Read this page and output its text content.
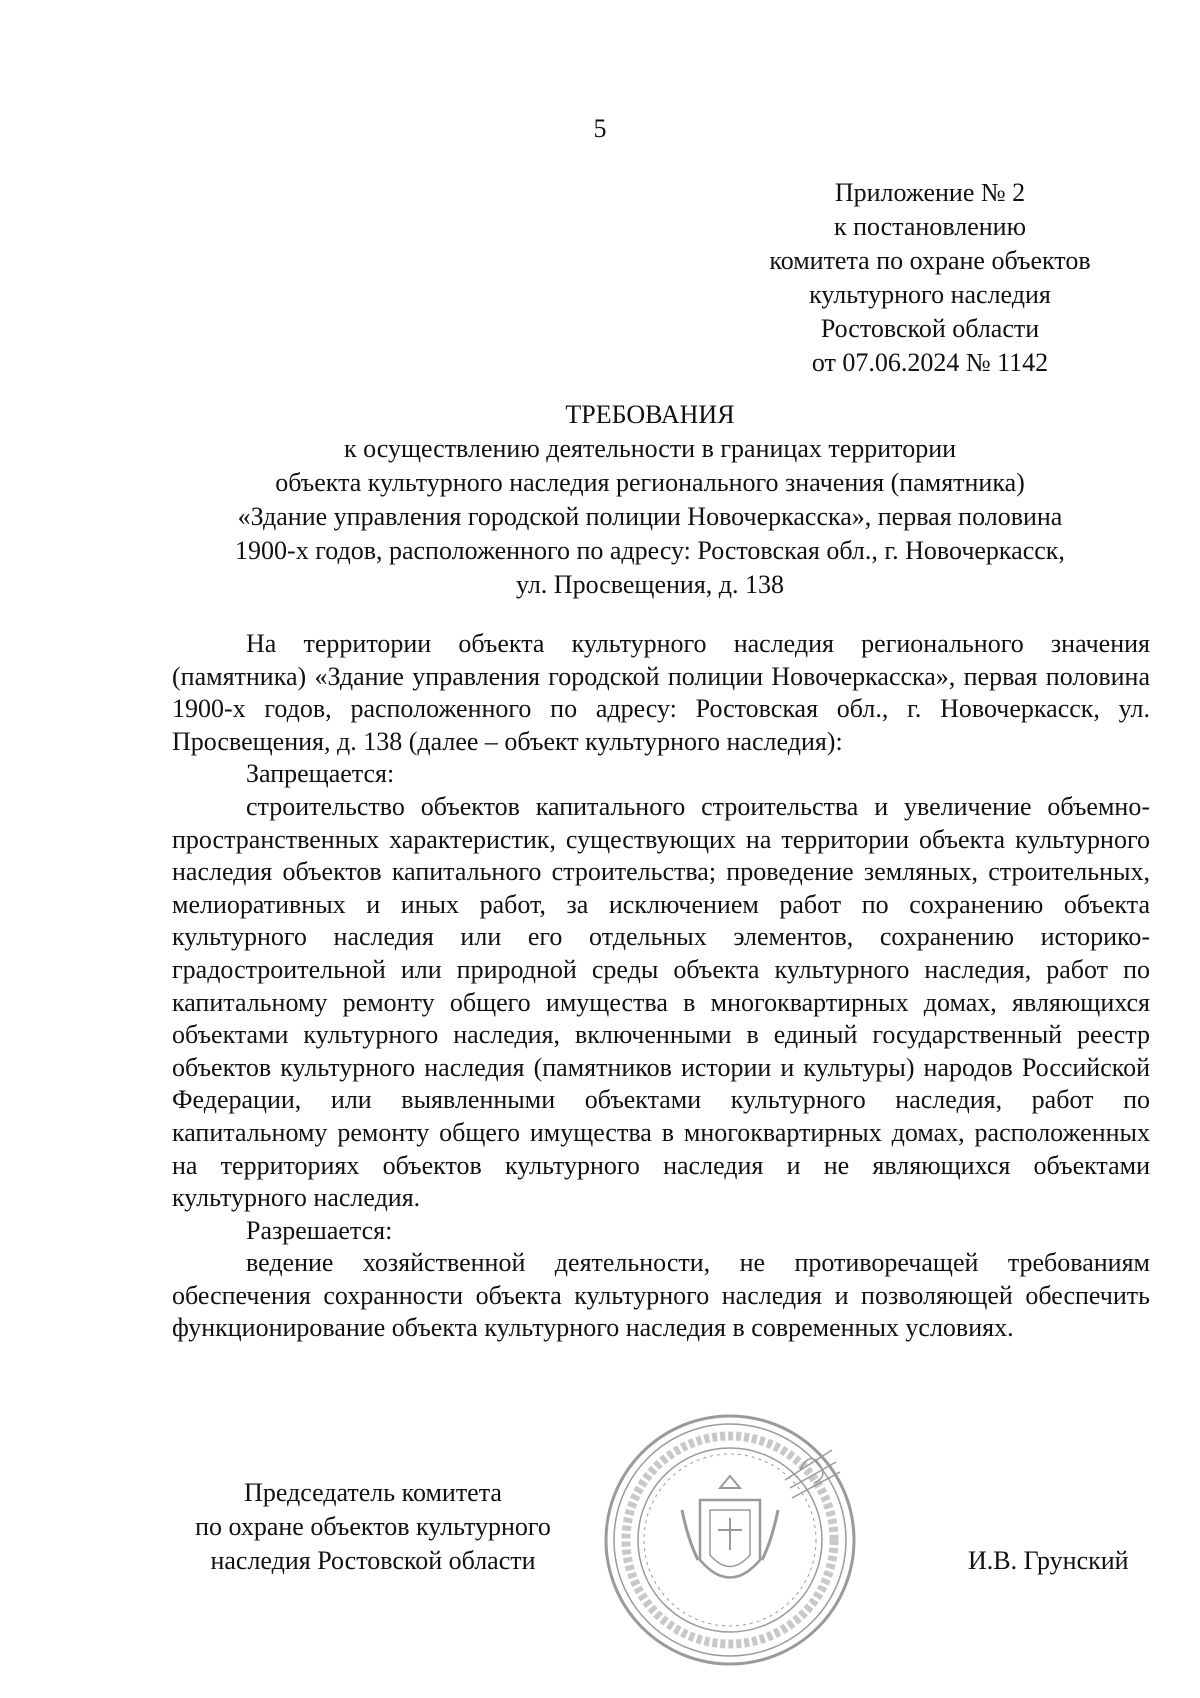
5
Приложение № 2
к постановлению
комитета по охране объектов
культурного наследия
Ростовской области
от 07.06.2024 № 1142
ТРЕБОВАНИЯ
к осуществлению деятельности в границах территории
объекта культурного наследия регионального значения (памятника)
«Здание управления городской полиции Новочеркасска», первая половина
1900-х годов, расположенного по адресу: Ростовская обл., г. Новочеркасск,
ул. Просвещения, д. 138

На территории объекта культурного наследия регионального значения (памятника) «Здание управления городской полиции Новочеркасска», первая половина 1900-х годов, расположенного по адресу: Ростовская обл., г. Новочеркасск, ул. Просвещения, д. 138 (далее – объект культурного наследия):

Запрещается:

строительство объектов капитального строительства и увеличение объемно-пространственных характеристик, существующих на территории объекта культурного наследия объектов капитального строительства; проведение земляных, строительных, мелиоративных и иных работ, за исключением работ по сохранению объекта культурного наследия или его отдельных элементов, сохранению историко-градостроительной или природной среды объекта культурного наследия, работ по капитальному ремонту общего имущества в многоквартирных домах, являющихся объектами культурного наследия, включенными в единый государственный реестр объектов культурного наследия (памятников истории и культуры) народов Российской Федерации, или выявленными объектами культурного наследия, работ по капитальному ремонту общего имущества в многоквартирных домах, расположенных на территориях объектов культурного наследия и не являющихся объектами культурного наследия.

Разрешается:

ведение хозяйственной деятельности, не противоречащей требованиям обеспечения сохранности объекта культурного наследия и позволяющей обеспечить функционирование объекта культурного наследия в современных условиях.

Председатель комитета
по охране объектов культурного
наследия Ростовской области	И.В. Грунский
